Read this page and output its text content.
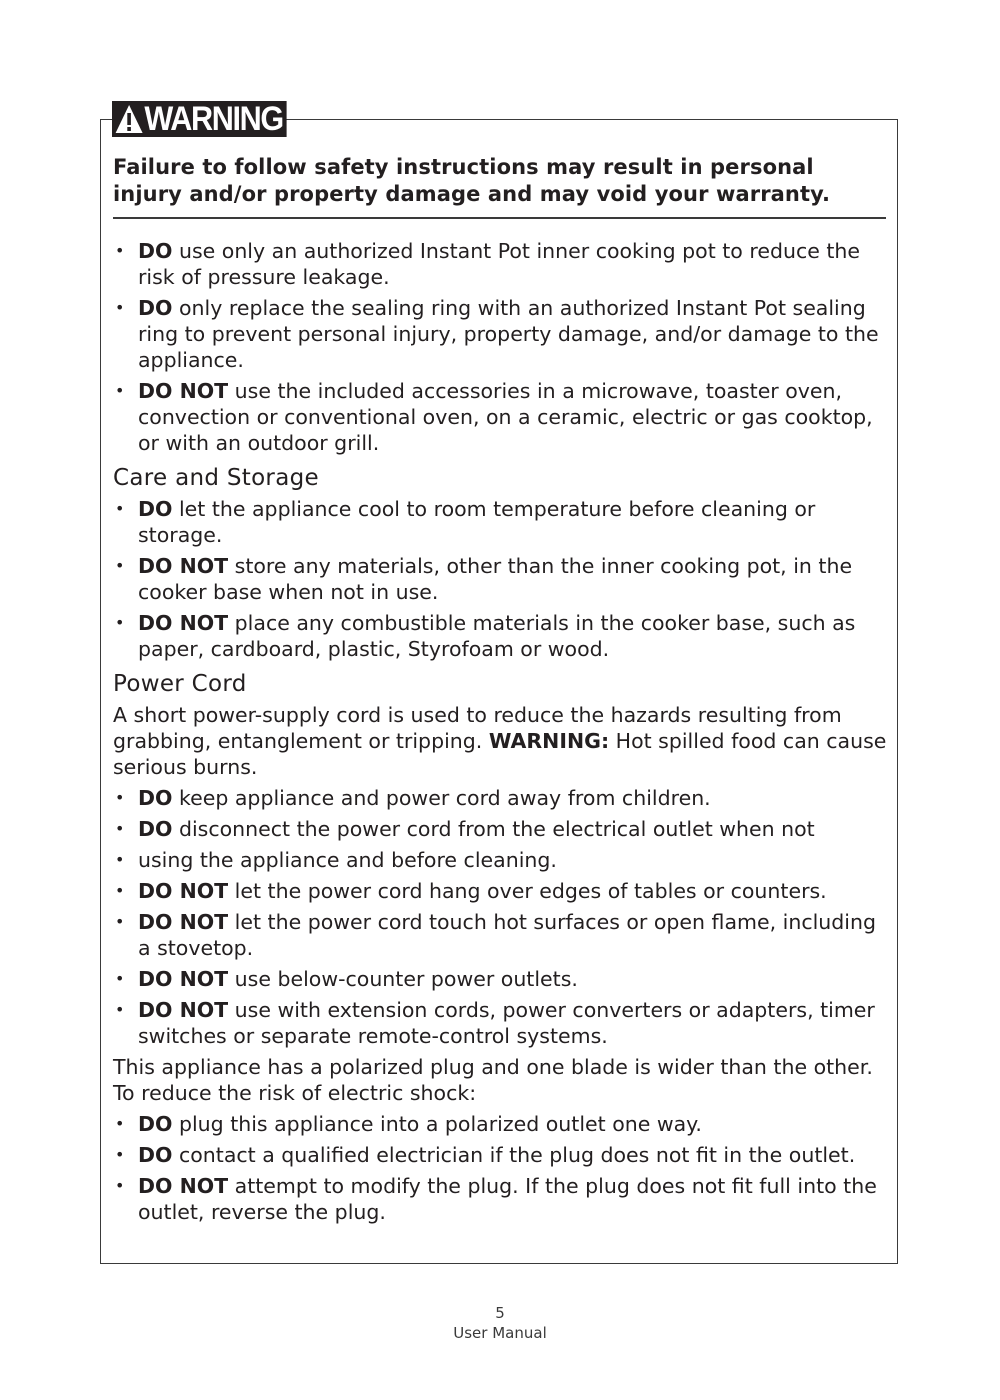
WARNING

Failure to follow safety instructions may result in personal injury and/or property damage and may void your warranty.

• DO use only an authorized Instant Pot inner cooking pot to reduce the risk of pressure leakage.
• DO only replace the sealing ring with an authorized Instant Pot sealing ring to prevent personal injury, property damage, and/or damage to the appliance.
• DO NOT use the included accessories in a microwave, toaster oven, convection or conventional oven, on a ceramic, electric or gas cooktop, or with an outdoor grill.
Care and Storage
• DO let the appliance cool to room temperature before cleaning or storage.
• DO NOT store any materials, other than the inner cooking pot, in the cooker base when not in use.
• DO NOT place any combustible materials in the cooker base, such as paper, cardboard, plastic, Styrofoam or wood.
Power Cord

A short power-supply cord is used to reduce the hazards resulting from grabbing, entanglement or tripping. WARNING: Hot spilled food can cause serious burns.

• DO keep appliance and power cord away from children.
• DO disconnect the power cord from the electrical outlet when not
• using the appliance and before cleaning.
• DO NOT let the power cord hang over edges of tables or counters.
• DO NOT let the power cord touch hot surfaces or open flame, including a stovetop.
• DO NOT use below-counter power outlets.
• DO NOT use with extension cords, power converters or adapters, timer switches or separate remote-control systems.

This appliance has a polarized plug and one blade is wider than the other. To reduce the risk of electric shock:

• DO plug this appliance into a polarized outlet one way.
• DO contact a qualified electrician if the plug does not fit in the outlet.
• DO NOT attempt to modify the plug. If the plug does not fit full into the outlet, reverse the plug.
5
User Manual
